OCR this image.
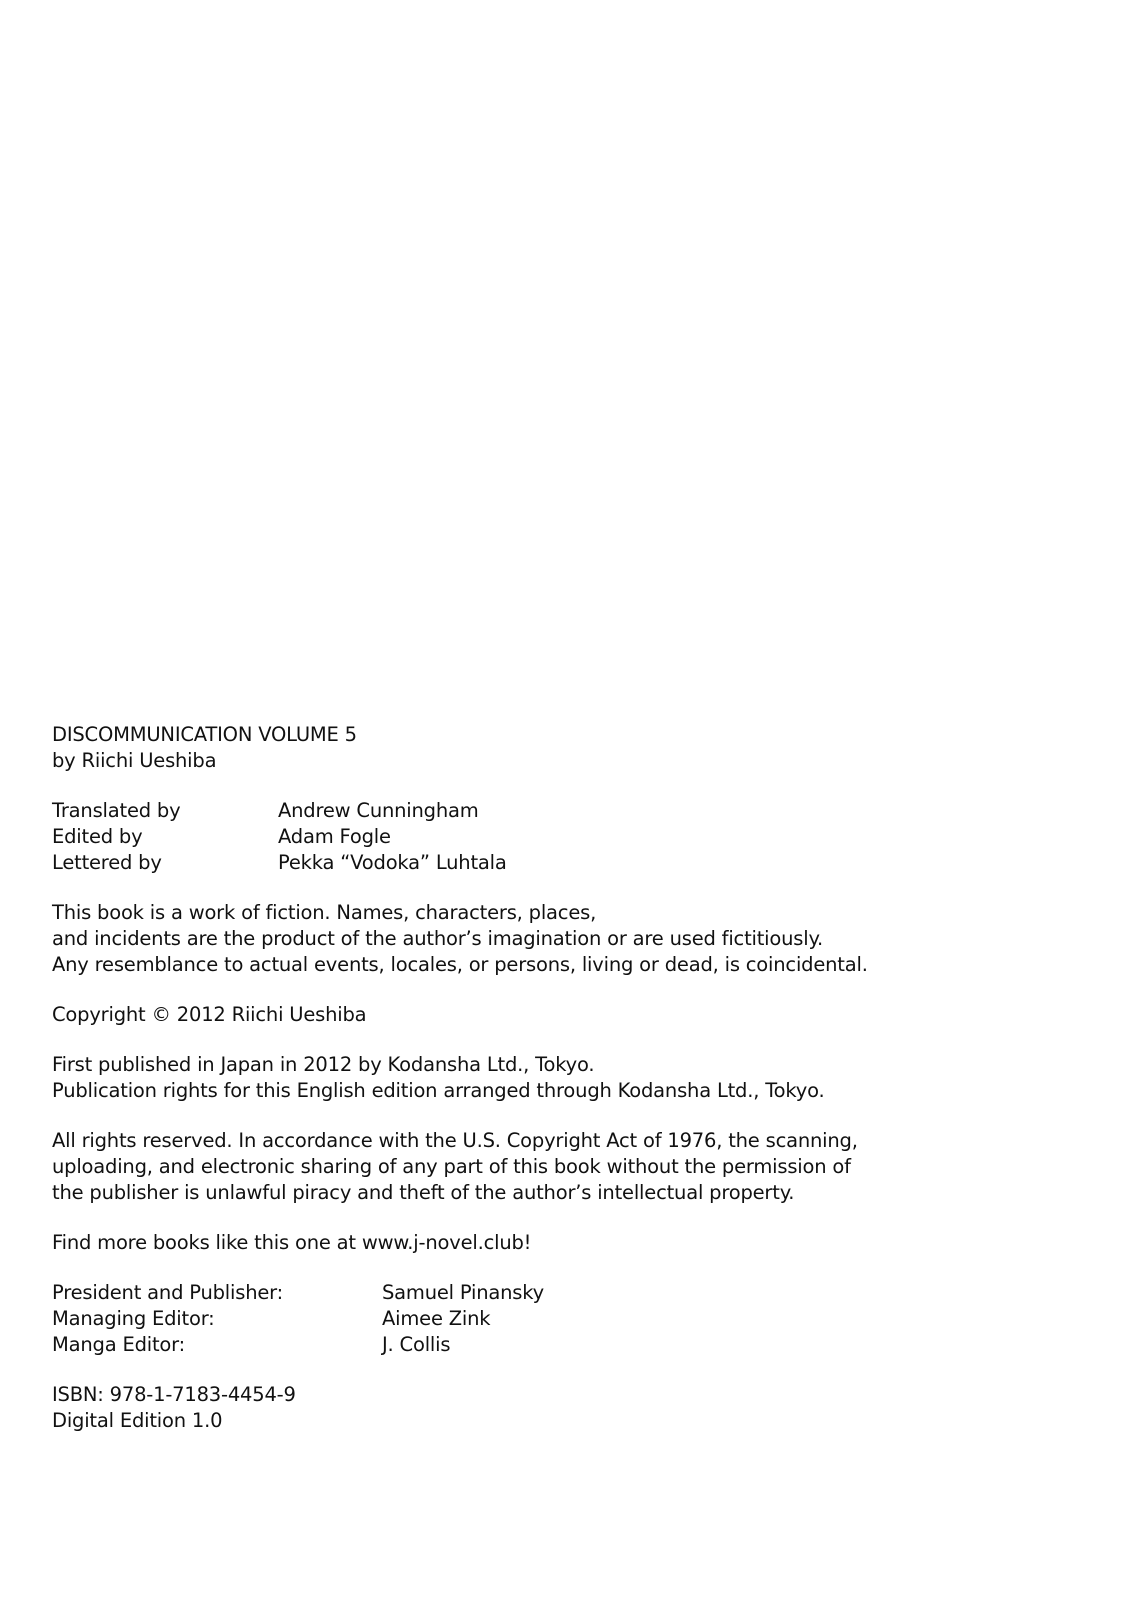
DISCOMMUNICATION VOLUME 5
by Riichi Ueshiba
Translated by	Andrew Cunningham
Edited by	Adam Fogle
Lettered by	Pekka “Vodoka” Luhtala
This book is a work of fiction. Names, characters, places,
and incidents are the product of the author’s imagination or are used fictitiously.
Any resemblance to actual events, locales, or persons, living or dead, is coincidental.
Copyright © 2012 Riichi Ueshiba
First published in Japan in 2012 by Kodansha Ltd., Tokyo.
Publication rights for this English edition arranged through Kodansha Ltd., Tokyo.
All rights reserved. In accordance with the U.S. Copyright Act of 1976, the scanning,
uploading, and electronic sharing of any part of this book without the permission of
the publisher is unlawful piracy and theft of the author’s intellectual property.
Find more books like this one at www.j-novel.club!
President and Publisher:	Samuel Pinansky
Managing Editor:	Aimee Zink
Manga Editor:	J. Collis
ISBN: 978-1-7183-4454-9
Digital Edition 1.0
